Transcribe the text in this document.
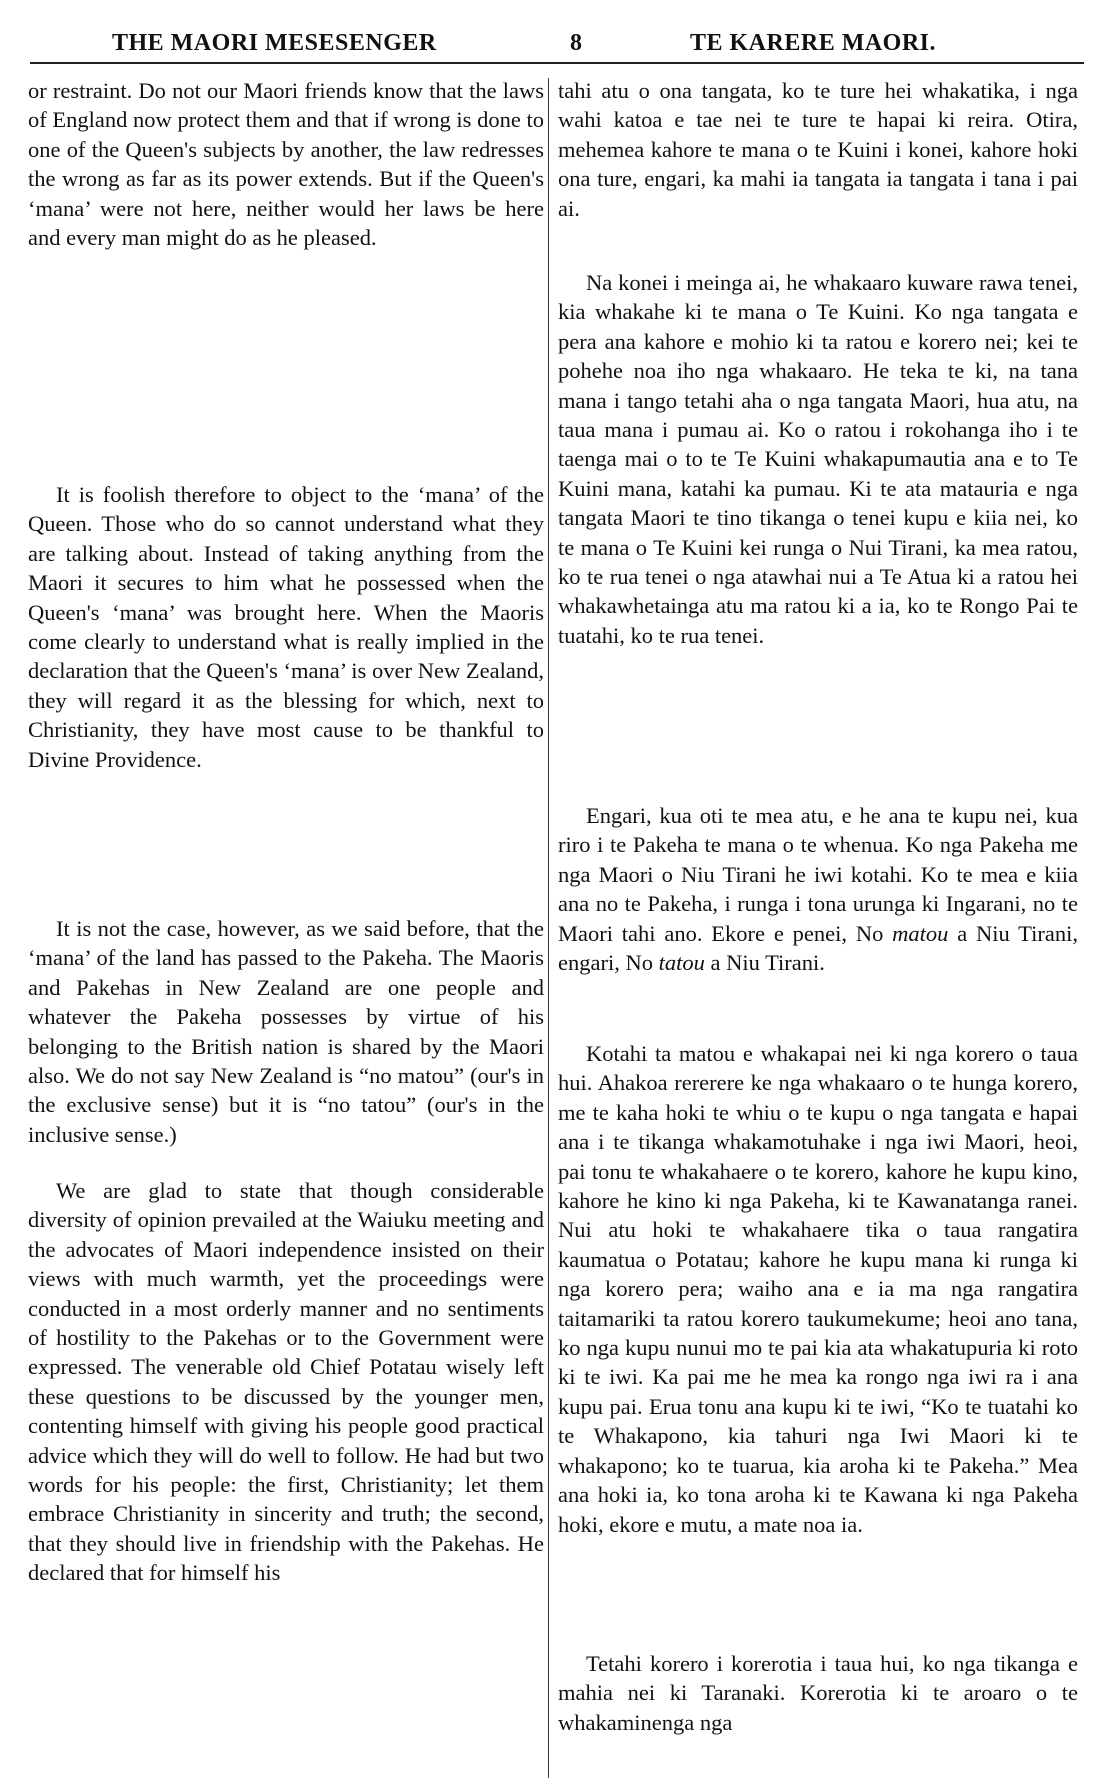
THE MAORI MESESENGER	8	TE KARERE MAORI.

or restraint. Do not our Maori friends know that the laws of England now protect them and that if wrong is done to one of the Queen's subjects by another, the law redresses the wrong as far as its power extends. But if the Queen's ‘mana’ were not here, neither would her laws be here and every man might do as he pleased.

It is foolish therefore to object to the ‘mana’ of the Queen. Those who do so cannot understand what they are talking about. Instead of taking anything from the Maori it secures to him what he possessed when the Queen's ‘mana’ was brought here. When the Maoris come clearly to understand what is really implied in the declaration that the Queen's ‘mana’ is over New Zealand, they will regard it as the blessing for which, next to Christianity, they have most cause to be thankful to Divine Providence.

It is not the case, however, as we said before, that the ‘mana’ of the land has passed to the Pakeha. The Maoris and Pakehas in New Zealand are one people and whatever the Pakeha possesses by virtue of his belonging to the British nation is shared by the Maori also. We do not say New Zealand is “no matou” (our's in the exclusive sense) but it is “no tatou” (our's in the inclusive sense.)

We are glad to state that though considerable diversity of opinion prevailed at the Waiuku meeting and the advocates of Maori independence insisted on their views with much warmth, yet the proceedings were conducted in a most orderly manner and no sentiments of hostility to the Pakehas or to the Government were expressed. The venerable old Chief Potatau wisely left these questions to be discussed by the younger men, contenting himself with giving his people good practical advice which they will do well to follow. He had but two words for his people: the first, Christianity; let them embrace Christianity in sincerity and truth; the second, that they should live in friendship with the Pakehas. He declared that for himself his

tahi atu o ona tangata, ko te ture hei whakatika, i nga wahi katoa e tae nei te ture te hapai ki reira. Otira, mehemea kahore te mana o te Kuini i konei, kahore hoki ona ture, engari, ka mahi ia tangata ia tangata i tana i pai ai.

Na konei i meinga ai, he whakaaro kuware rawa tenei, kia whakahe ki te mana o Te Kuini. Ko nga tangata e pera ana kahore e mohio ki ta ratou e korero nei; kei te pohehe noa iho nga whakaaro. He teka te ki, na tana mana i tango tetahi aha o nga tangata Maori, hua atu, na taua mana i pumau ai. Ko o ratou i rokohanga iho i te taenga mai o to te Te Kuini whakapumautia ana e to Te Kuini mana, katahi ka pumau. Ki te ata matauria e nga tangata Maori te tino tikanga o tenei kupu e kiia nei, ko te mana o Te Kuini kei runga o Nui Tirani, ka mea ratou, ko te rua tenei o nga atawhai nui a Te Atua ki a ratou hei whakawhetainga atu ma ratou ki a ia, ko te Rongo Pai te tuatahi, ko te rua tenei.

Engari, kua oti te mea atu, e he ana te kupu nei, kua riro i te Pakeha te mana o te whenua. Ko nga Pakeha me nga Maori o Niu Tirani he iwi kotahi. Ko te mea e kiia ana no te Pakeha, i runga i tona urunga ki Ingarani, no te Maori tahi ano. Ekore e penei, No matou a Niu Tirani, engari, No tatou a Niu Tirani.

Kotahi ta matou e whakapai nei ki nga korero o taua hui. Ahakoa rererere ke nga whakaaro o te hunga korero, me te kaha hoki te whiu o te kupu o nga tangata e hapai ana i te tikanga whakamotuhake i nga iwi Maori, heoi, pai tonu te whakahaere o te korero, kahore he kupu kino, kahore he kino ki nga Pakeha, ki te Kawanatanga ranei. Nui atu hoki te whakahaere tika o taua rangatira kaumatua o Potatau; kahore he kupu mana ki runga ki nga korero pera; waiho ana e ia ma nga rangatira taitamariki ta ratou korero taukumekume; heoi ano tana, ko nga kupu nunui mo te pai kia ata whakatupuria ki roto ki te iwi. Ka pai me he mea ka rongo nga iwi ra i ana kupu pai. Erua tonu ana kupu ki te iwi, “Ko te tuatahi ko te Whakapono, kia tahuri nga Iwi Maori ki te whakapono; ko te tuarua, kia aroha ki te Pakeha.” Mea ana hoki ia, ko tona aroha ki te Kawana ki nga Pakeha hoki, ekore e mutu, a mate noa ia.

Tetahi korero i korerotia i taua hui, ko nga tikanga e mahia nei ki Taranaki. Korerotia ki te aroaro o te whakaminenga nga
